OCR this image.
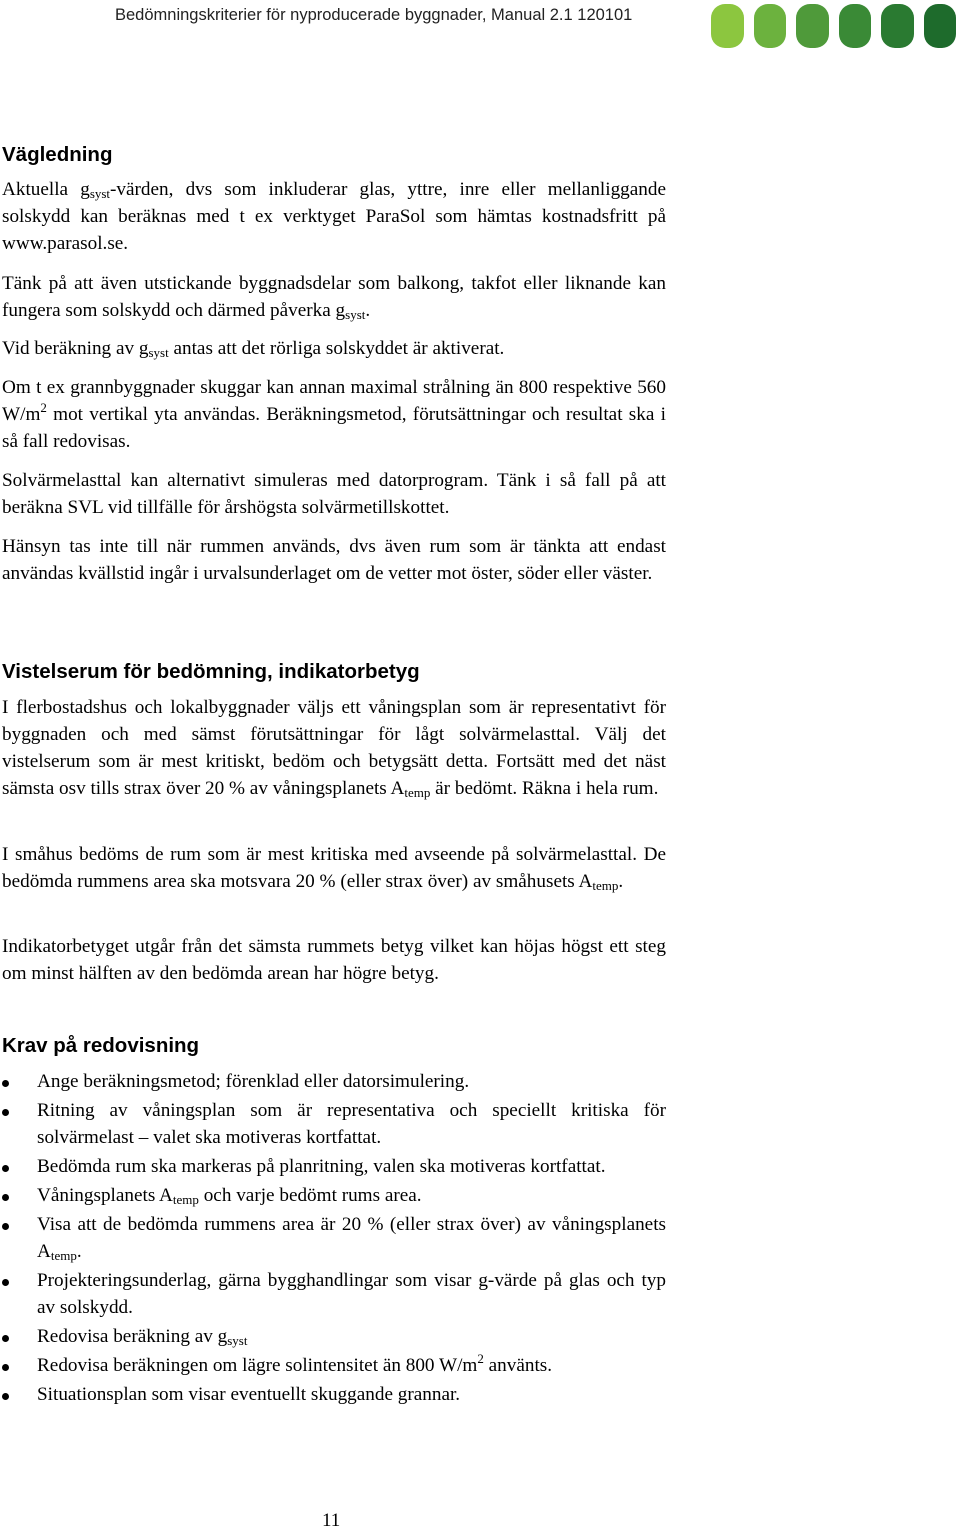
Bedömningskriterier för nyproducerade byggnader, Manual 2.1 120101
Vägledning

Aktuella $g_{syst}$-värden, dvs som inkluderar glas, yttre, inre eller mellanliggande solskydd kan beräknas med t ex verktyget ParaSol som hämtas kostnadsfritt på www.parasol.se.

Tänk på att även utstickande byggnadsdelar som balkong, takfot eller liknande kan fungera som solskydd och därmed påverka $g_{syst}$.

Vid beräkning av $g_{syst}$ antas att det rörliga solskyddet är aktiverat.

Om t ex grannbyggnader skuggar kan annan maximal strålning än 800 respektive 560 $W/m^2$ mot vertikal yta användas. Beräkningsmetod, förutsättningar och resultat ska i så fall redovisas.

Solvärmelasttal kan alternativt simuleras med datorprogram. Tänk i så fall på att beräkna SVL vid tillfälle för årshögsta solvärmetillskottet.

Hänsyn tas inte till när rummen används, dvs även rum som är tänkta att endast användas kvällstid ingår i urvalsunderlaget om de vetter mot öster, söder eller väster.

Vistelserum för bedömning, indikatorbetyg

I flerbostadshus och lokalbyggnader väljs ett våningsplan som är representativt för byggnaden och med sämst förutsättningar för lågt solvärmelasttal. Välj det vistelserum som är mest kritiskt, bedöm och betygsätt detta. Fortsätt med det näst sämsta osv tills strax över 20 % av våningsplanets $A_{temp}$ är bedömt. Räkna i hela rum.

I småhus bedöms de rum som är mest kritiska med avseende på solvärmelasttal. De bedömda rummens area ska motsvara 20 % (eller strax över) av småhusets $A_{temp}$.

Indikatorbetyget utgår från det sämsta rummets betyg vilket kan höjas högst ett steg om minst hälften av den bedömda arean har högre betyg.

Krav på redovisning
Ange beräkningsmetod; förenklad eller datorsimulering.
Ritning av våningsplan som är representativa och speciellt kritiska för solvärmelast – valet ska motiveras kortfattat.
Bedömda rum ska markeras på planritning, valen ska motiveras kortfattat.
Våningsplanets $A_{temp}$ och varje bedömt rums area.
Visa att de bedömda rummens area är 20 % (eller strax över) av våningsplanets $A_{temp}$.
Projekteringsunderlag, gärna bygghandlingar som visar g-värde på glas och typ av solskydd.
Redovisa beräkning av $g_{syst}$
Redovisa beräkningen om lägre solintensitet än 800 $W/m^2$ använts.
Situationsplan som visar eventuellt skuggande grannar.
11
